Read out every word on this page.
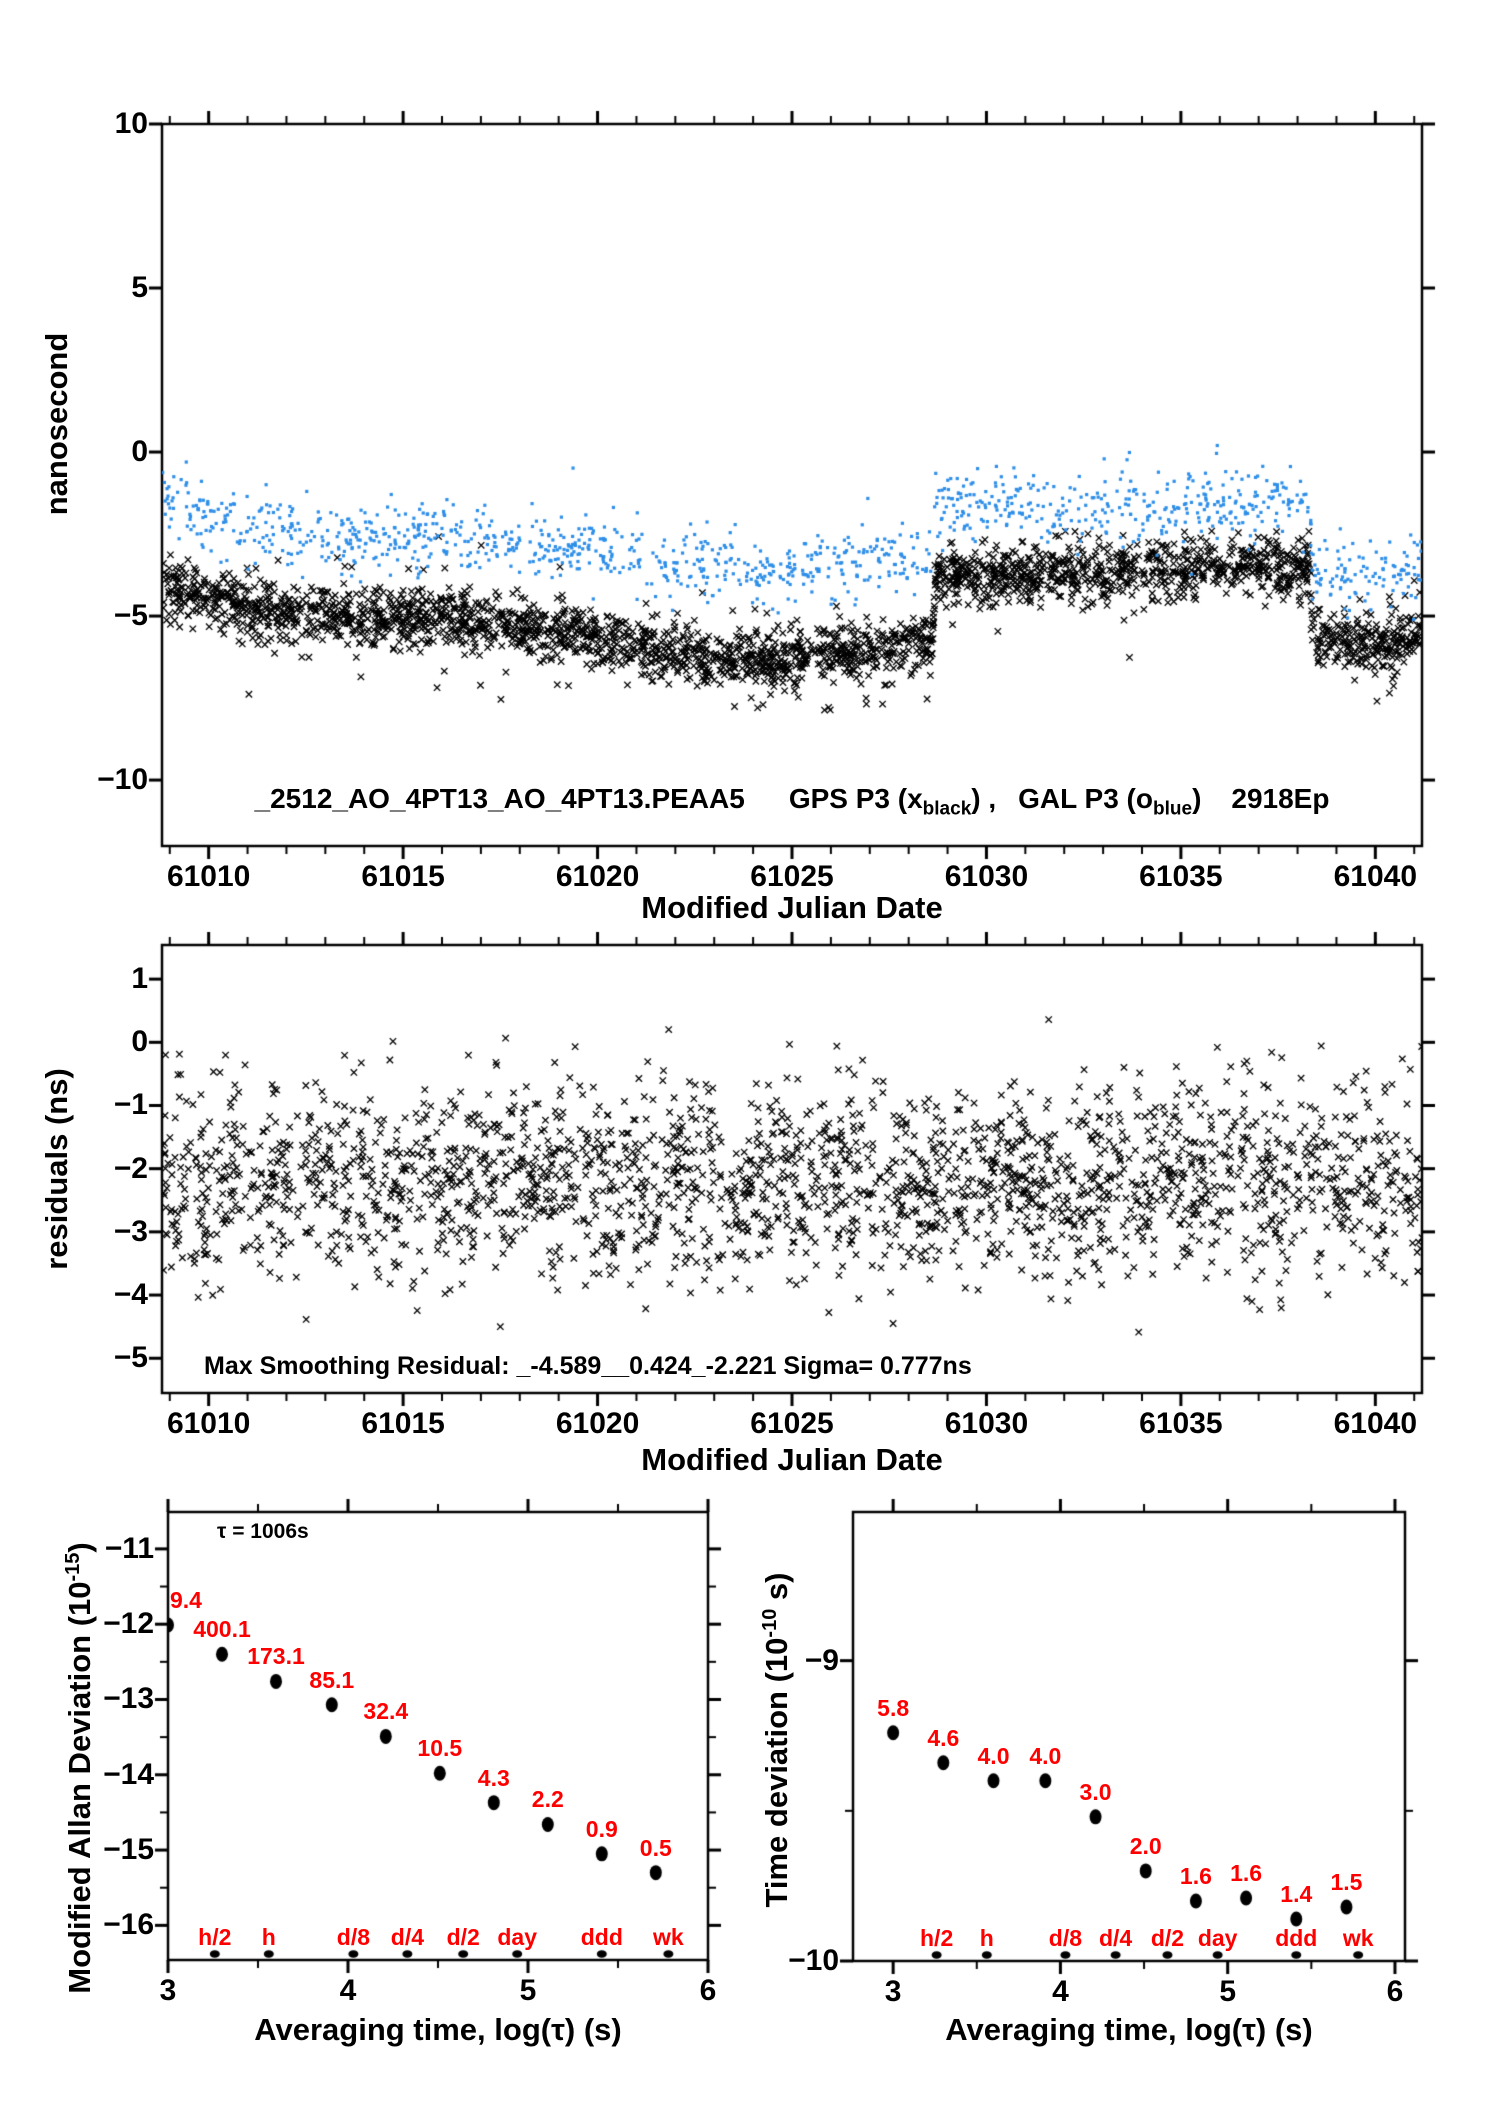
nanosecond
residuals (ns)
Modified Allan Deviation $(10^{-15})$
Time deviation ($10^{-10}$ s)
Modified Julian Date
Modified Julian Date
Averaging time, log(τ) (s)	Averaging time, log(τ) (s)
_2512_AO_4PT13_AO_4PT13.PEAA5 GPS P3 $(x_{black})$ , GAL P3 $(o_{blue})$ 2918Ep
Max Smoothing Residual: _-4.589__0.424_-2.221 Sigma= 0.777ns
τ = 1006s
61010	61015	61020	61025	61030	61035	61040
10
5
0
−5
−10
61010	61015	61020	61025	61030	61035	61040
1
0
−1
−2
−3
−4
−5
3	4	5	6
−11
−12
−13
−14
−15
−16
9.4
400.1
173.1
85.1
32.4
10.5
4.3
2.2
0.9
0.5
h/2 h	d/8 d/4 d/2 day ddd wk
3	4	5	6
−9
−10
5.8
4.6
4.0 4.0
3.0
2.0
1.6 1.6
1.4 1.5
h/2 h d/8 d/4 d/2 day ddd wk
